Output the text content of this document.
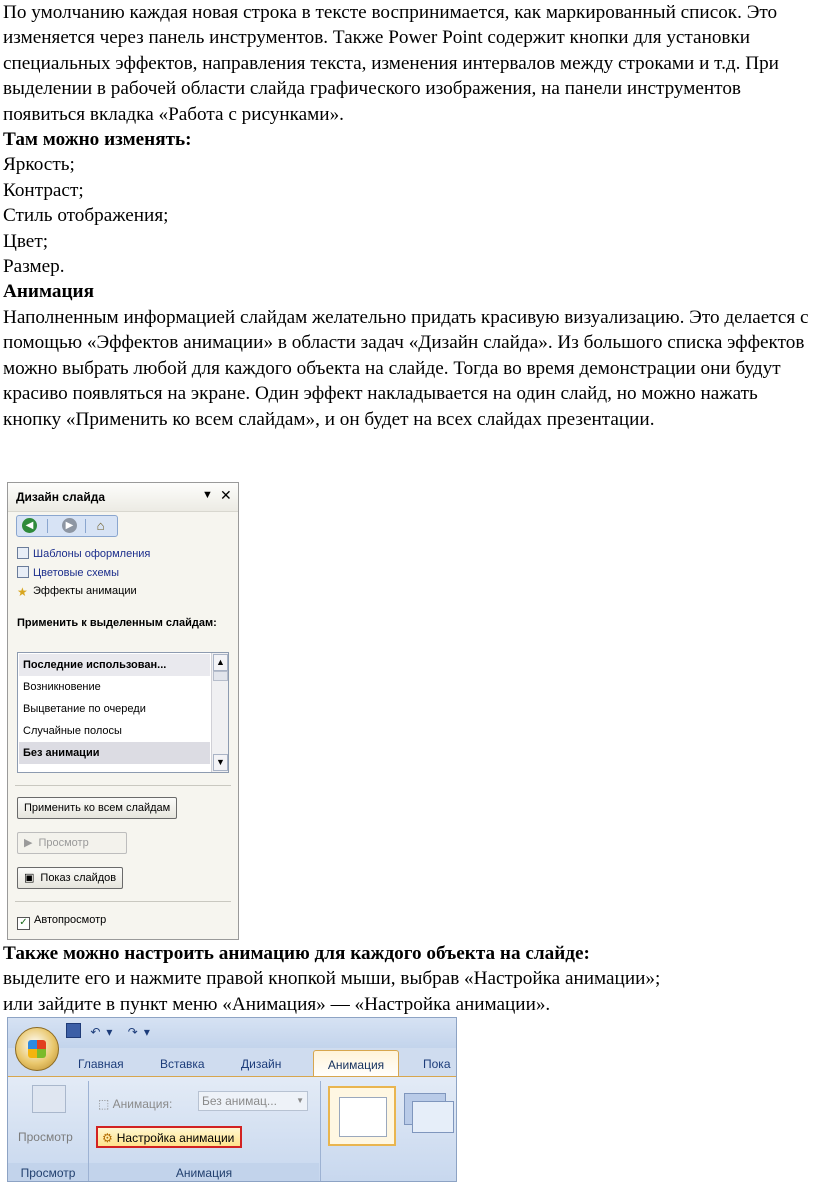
По умолчанию каждая новая строка в тексте воспринимается, как маркированный список. Это изменяется через панель инструментов. Также Power Point содержит кнопки для установки специальных эффектов, направления текста, изменения интервалов между строками и т.д. При выделении в рабочей области слайда графического изображения, на панели инструментов появиться вкладка «Работа с рисунками».

Там можно изменять:

Яркость;

Контраст;

Стиль отображения;

Цвет;

Размер.

Анимация

Наполненным информацией слайдам желательно придать красивую визуализацию. Это делается с помощью «Эффектов анимации» в области задач «Дизайн слайда». Из большого списка эффектов можно выбрать любой для каждого объекта на слайде. Тогда во время демонстрации они будут красиво появляться на экране. Один эффект накладывается на один слайд, но можно нажать кнопку «Применить ко всем слайдам», и он будет на всех слайдах презентации.

Дизайн слайда	▼ ✕
◀	▶ ⌂
Шаблоны оформления
Цветовые схемы
★ Эффекты анимации
Применить к выделенным слайдам:
Последние использован...
Возникновение
Выцветание по очереди
Случайные полосы
Без анимации
▲
▼
Применить ко всем слайдам
▶ Просмотр
▣ Показ слайдов
✓ Автопросмотр

Также можно настроить анимацию для каждого объекта на слайде:

выделите его и нажмите правой кнопкой мыши, выбрав «Настройка анимации»;

или зайдите в пункт меню «Анимация» — «Настройка анимации».

↶▾ ↷▾
Главная	Вставка	Дизайн	Анимация	Пока
Просмотр
Просмотр
⬚ Анимация:	Без анимац... ▼
⚙ Настройка анимации
Анимация
